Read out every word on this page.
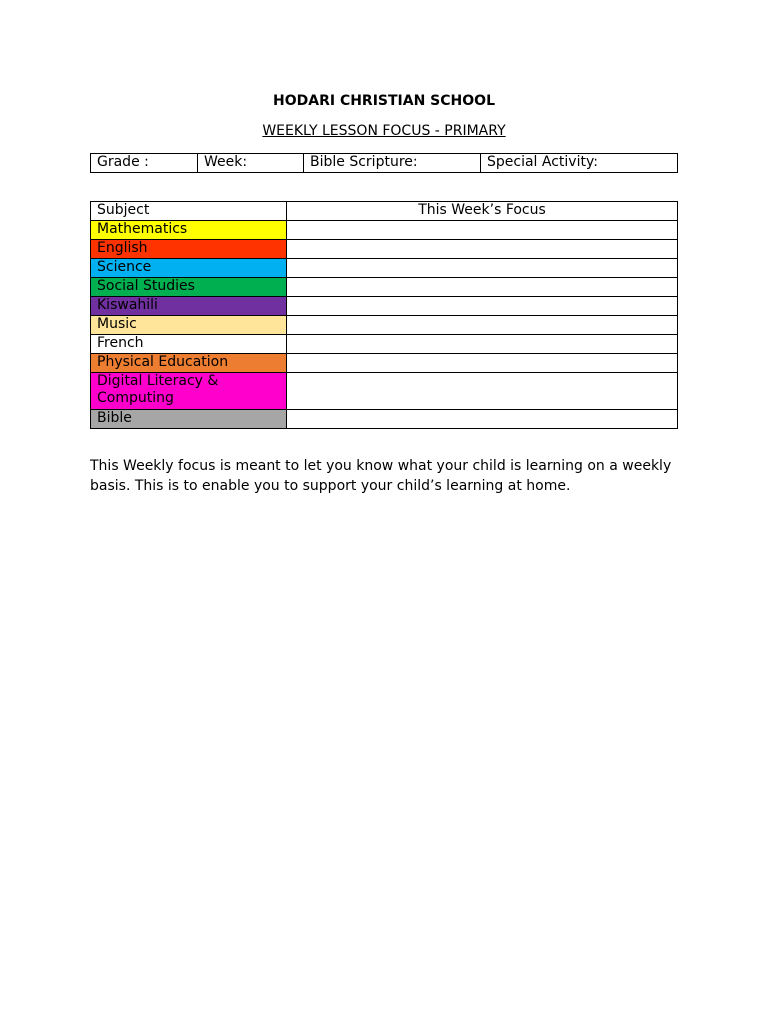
HODARI CHRISTIAN SCHOOL
WEEKLY LESSON FOCUS - PRIMARY
Grade :	Week:	Bible Scripture:	Special Activity:
Subject	This Week’s Focus
Mathematics	
English	
Science	
Social Studies	
Kiswahili	
Music	
French	
Physical Education	
Digital Literacy & Computing	
Bible	
This Weekly focus is meant to let you know what your child is learning on a weekly basis. This is to enable you to support your child’s learning at home.
